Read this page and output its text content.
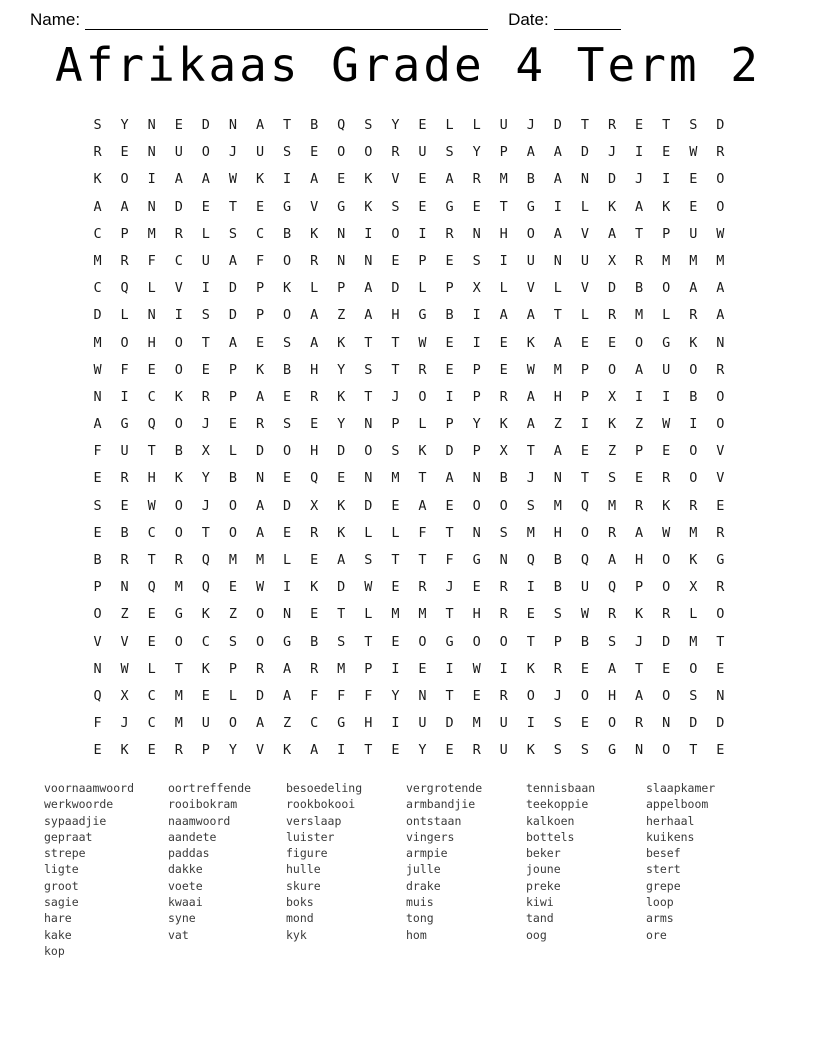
Name:	Date:
Afrikaas Grade 4 Term 2
S	Y	N	E	D	N	A	T	B	Q	S	Y	E	L	L	U	J	D	T	R	E	T	S	D
R	E	N	U	O	J	U	S	E	O	O	R	U	S	Y	P	A	A	D	J	I	E	W	R
K	O	I	A	A	W	K	I	A	E	K	V	E	A	R	M	B	A	N	D	J	I	E	O
A	A	N	D	E	T	E	G	V	G	K	S	E	G	E	T	G	I	L	K	A	K	E	O
C	P	M	R	L	S	C	B	K	N	I	O	I	R	N	H	O	A	V	A	T	P	U	W
M	R	F	C	U	A	F	O	R	N	N	E	P	E	S	I	U	N	U	X	R	M	M	M
C	Q	L	V	I	D	P	K	L	P	A	D	L	P	X	L	V	L	V	D	B	O	A	A
D	L	N	I	S	D	P	O	A	Z	A	H	G	B	I	A	A	T	L	R	M	L	R	A
M	O	H	O	T	A	E	S	A	K	T	T	W	E	I	E	K	A	E	E	O	G	K	N
W	F	E	O	E	P	K	B	H	Y	S	T	R	E	P	E	W	M	P	O	A	U	O	R
N	I	C	K	R	P	A	E	R	K	T	J	O	I	P	R	A	H	P	X	I	I	B	O
A	G	Q	O	J	E	R	S	E	Y	N	P	L	P	Y	K	A	Z	I	K	Z	W	I	O
F	U	T	B	X	L	D	O	H	D	O	S	K	D	P	X	T	A	E	Z	P	E	O	V
E	R	H	K	Y	B	N	E	Q	E	N	M	T	A	N	B	J	N	T	S	E	R	O	V
S	E	W	O	J	O	A	D	X	K	D	E	A	E	O	O	S	M	Q	M	R	K	R	E
E	B	C	O	T	O	A	E	R	K	L	L	F	T	N	S	M	H	O	R	A	W	M	R
B	R	T	R	Q	M	M	L	E	A	S	T	T	F	G	N	Q	B	Q	A	H	O	K	G
P	N	Q	M	Q	E	W	I	K	D	W	E	R	J	E	R	I	B	U	Q	P	O	X	R
O	Z	E	G	K	Z	O	N	E	T	L	M	M	T	H	R	E	S	W	R	K	R	L	O
V	V	E	O	C	S	O	G	B	S	T	E	O	G	O	O	T	P	B	S	J	D	M	T
N	W	L	T	K	P	R	A	R	M	P	I	E	I	W	I	K	R	E	A	T	E	O	E
Q	X	C	M	E	L	D	A	F	F	F	Y	N	T	E	R	O	J	O	H	A	O	S	N
F	J	C	M	U	O	A	Z	C	G	H	I	U	D	M	U	I	S	E	O	R	N	D	D
E	K	E	R	P	Y	V	K	A	I	T	E	Y	E	R	U	K	S	S	G	N	O	T	E
voornaamwoord
werkwoorde
sypaadjie
gepraat
strepe
ligte
groot
sagie
hare
kake
kop
oortreffende
rooibokram
naamwoord
aandete
paddas
dakke
voete
kwaai
syne
vat
besoedeling
rookbokooi
verslaap
luister
figure
hulle
skure
boks
mond
kyk
vergrotende
armbandjie
ontstaan
vingers
armpie
julle
drake
muis
tong
hom
tennisbaan
teekoppie
kalkoen
bottels
beker
joune
preke
kiwi
tand
oog
slaapkamer
appelboom
herhaal
kuikens
besef
stert
grepe
loop
arms
ore
